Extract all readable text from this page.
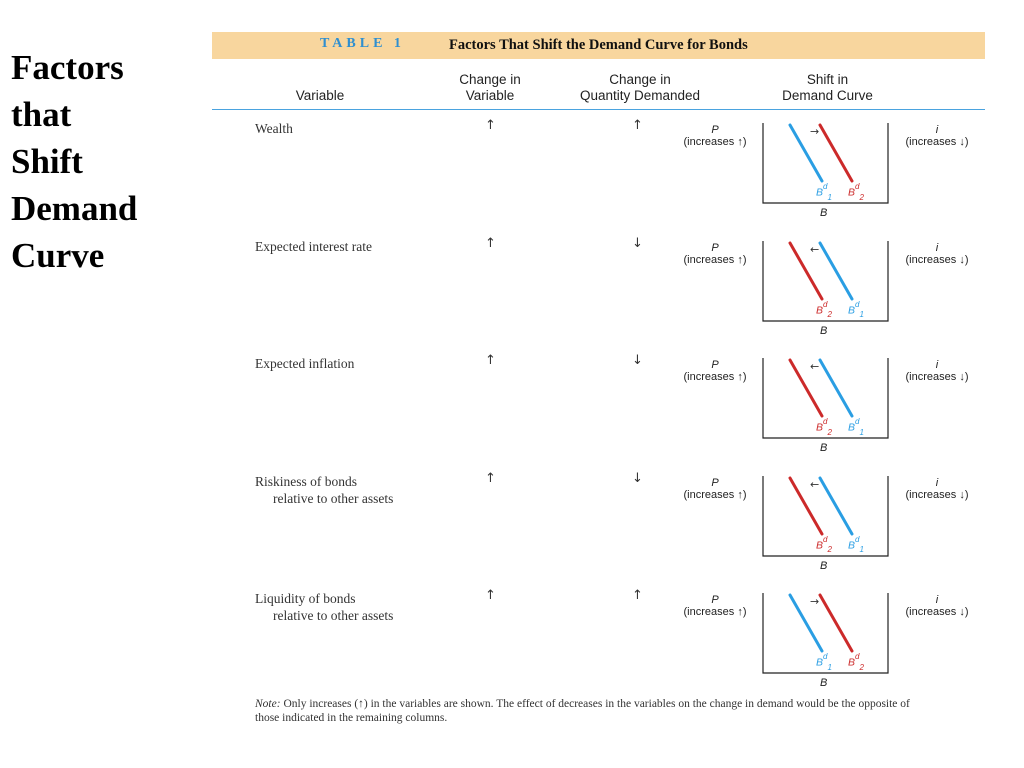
Factors
that
Shift
Demand
Curve
TABLE 1	Factors That Shift the Demand Curve for Bonds
Variable
Change in
Variable
Change in
Quantity Demanded
Shift in
Demand Curve
Wealth	↑	↑	P
(increases ↑)
i
(increases ↓)
→
$B^d_1$ $B^d_2$
B
Expected interest rate	↑	↓	P
(increases ↑)
i
(increases ↓)
←
$B^d_1$
$B^d_2$
B
Expected inflation	↑	↓	P
(increases ↑)
i
(increases ↓)
←
$B^d_1$
$B^d_2$
B
Riskiness of bonds
relative to other assets
↑	↓	P
(increases ↑)
i
(increases ↓)
←
$B^d_1$
$B^d_2$
B
Liquidity of bonds
relative to other assets
↑	↑	P
(increases ↑)
i
(increases ↓)
→
$B^d_1$ $B^d_2$
B
Note: Only increases (↑) in the variables are shown. The effect of decreases in the variables on the change in demand would be the opposite of those indicated in the remaining columns.
